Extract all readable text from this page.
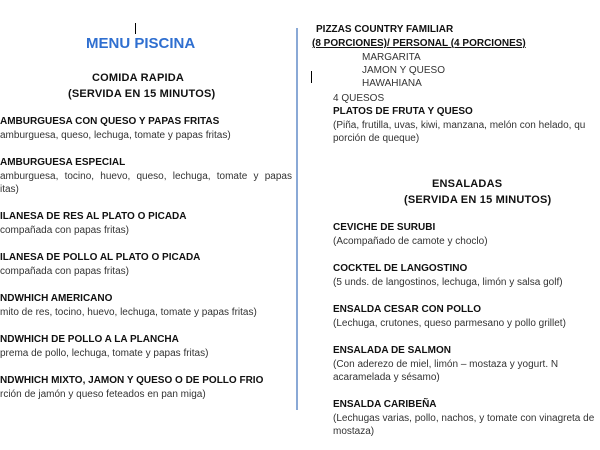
MENU PISCINA
COMIDA RAPIDA
(SERVIDA EN 15 MINUTOS)
AMBURGUESA CON QUESO Y PAPAS FRITAS
amburguesa, queso, lechuga, tomate y papas fritas)
AMBURGUESA ESPECIAL
amburguesa, tocino, huevo, queso, lechuga, tomate y papas
itas)
ILANESA DE RES AL PLATO O PICADA
compañada con papas fritas)
ILANESA DE POLLO AL PLATO O PICADA
compañada con papas fritas)
NDWHICH AMERICANO
mito de res, tocino, huevo, lechuga, tomate y papas fritas)
NDWHICH DE POLLO A LA PLANCHA
prema de pollo, lechuga, tomate y papas fritas)
NDWHICH MIXTO, JAMON Y QUESO O DE POLLO FRIO
rción de jamón y queso feteados en pan miga)
PIZZAS COUNTRY FAMILIAR
(8 PORCIONES)/ PERSONAL (4 PORCIONES)
MARGARITA
JAMON Y QUESO
HAWAHIANA
4 QUESOS
PLATOS DE FRUTA Y QUESO
(Piña, frutilla, uvas, kiwi, manzana, melón con helado, qu
porción de queque)
ENSALADAS
(SERVIDA EN 15 MINUTOS)
CEVICHE DE SURUBI
(Acompañado de camote y choclo)
COCKTEL DE LANGOSTINO
(5 unds. de langostinos, lechuga, limón y salsa golf)
ENSALDA CESAR CON POLLO
(Lechuga, crutones, queso parmesano y pollo grillet)
ENSALADA DE SALMON
(Con aderezo de miel, limón – mostaza y yogurt. N
acaramelada y sésamo)
ENSALDA CARIBEÑA
(Lechugas varias, pollo, nachos, y tomate con vinagreta de
mostaza)
